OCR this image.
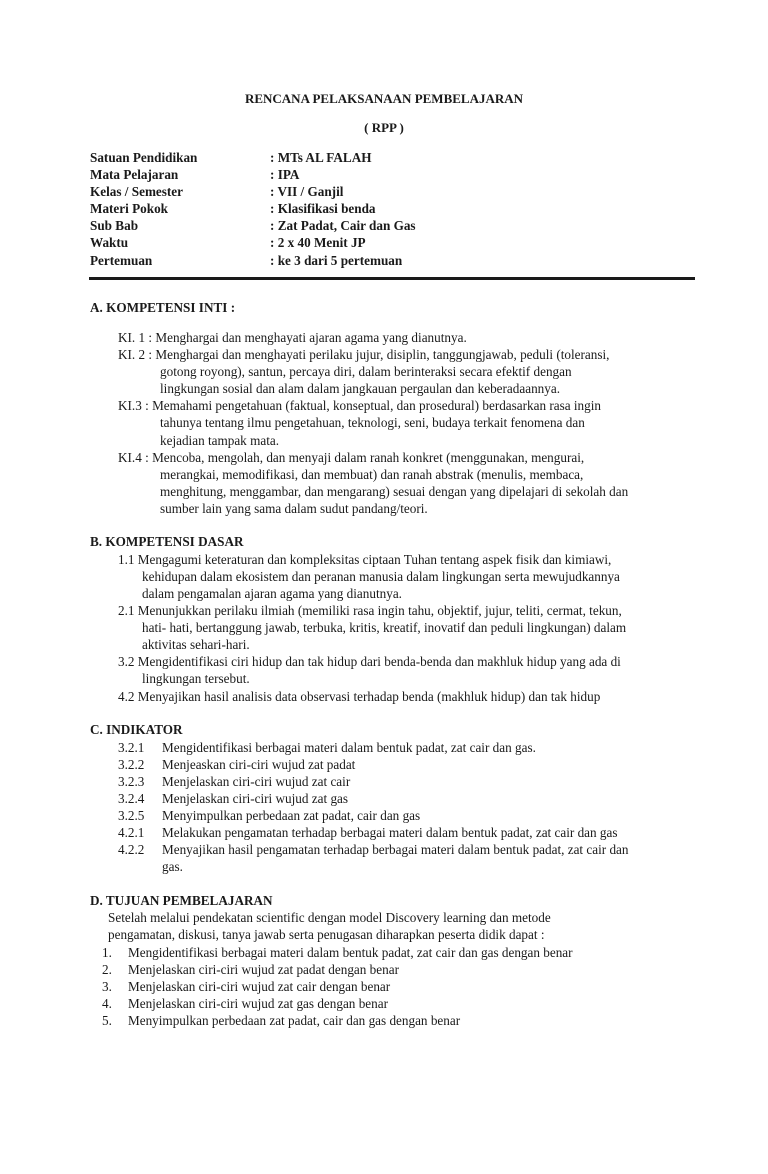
RENCANA PELAKSANAAN PEMBELAJARAN
( RPP )
Satuan Pendidikan	: MTs AL FALAH
Mata Pelajaran	: IPA
Kelas / Semester	: VII / Ganjil
Materi Pokok	: Klasifikasi benda
Sub Bab	: Zat Padat, Cair dan Gas
Waktu	: 2 x 40 Menit JP
Pertemuan	: ke 3 dari 5 pertemuan
A. KOMPETENSI INTI :
KI. 1 : Menghargai dan menghayati ajaran agama yang dianutnya.
KI. 2 : Menghargai dan menghayati perilaku jujur, disiplin, tanggungjawab, peduli (toleransi,
gotong royong), santun, percaya diri, dalam berinteraksi secara efektif dengan
lingkungan sosial dan alam dalam jangkauan pergaulan dan keberadaannya.
KI.3 : Memahami pengetahuan (faktual, konseptual, dan prosedural) berdasarkan rasa ingin
tahunya tentang ilmu pengetahuan, teknologi, seni, budaya terkait fenomena dan
kejadian tampak mata.
KI.4 : Mencoba, mengolah, dan menyaji dalam ranah konkret (menggunakan, mengurai,
merangkai, memodifikasi, dan membuat) dan ranah abstrak (menulis, membaca,
menghitung, menggambar, dan mengarang) sesuai dengan yang dipelajari di sekolah dan
sumber lain yang sama dalam sudut pandang/teori.
B. KOMPETENSI DASAR
1.1 Mengagumi keteraturan dan kompleksitas ciptaan Tuhan tentang aspek fisik dan kimiawi,
kehidupan dalam ekosistem dan peranan manusia dalam lingkungan serta mewujudkannya
dalam pengamalan ajaran agama yang dianutnya.
2.1 Menunjukkan perilaku ilmiah (memiliki rasa ingin tahu, objektif, jujur, teliti, cermat, tekun,
hati- hati, bertanggung jawab, terbuka, kritis, kreatif, inovatif dan peduli lingkungan) dalam
aktivitas sehari-hari.
3.2 Mengidentifikasi ciri hidup dan tak hidup dari benda-benda dan makhluk hidup yang ada di
lingkungan tersebut.
4.2 Menyajikan hasil analisis data observasi terhadap benda (makhluk hidup) dan tak hidup
C. INDIKATOR
3.2.1 Mengidentifikasi berbagai materi dalam bentuk padat, zat cair dan gas.
3.2.2 Menjeaskan ciri-ciri wujud zat padat
3.2.3 Menjelaskan ciri-ciri wujud zat cair
3.2.4 Menjelaskan ciri-ciri wujud zat gas
3.2.5 Menyimpulkan perbedaan zat padat, cair dan gas
4.2.1 Melakukan pengamatan terhadap berbagai materi dalam bentuk padat, zat cair dan gas
4.2.2 Menyajikan hasil pengamatan terhadap berbagai materi dalam bentuk padat, zat cair dan
gas.
D. TUJUAN PEMBELAJARAN
Setelah melalui pendekatan scientific dengan model Discovery learning dan metode
pengamatan, diskusi, tanya jawab serta penugasan diharapkan peserta didik dapat :
1. Mengidentifikasi berbagai materi dalam bentuk padat, zat cair dan gas dengan benar
2. Menjelaskan ciri-ciri wujud zat padat dengan benar
3. Menjelaskan ciri-ciri wujud zat cair dengan benar
4. Menjelaskan ciri-ciri wujud zat gas dengan benar
5. Menyimpulkan perbedaan zat padat, cair dan gas dengan benar
